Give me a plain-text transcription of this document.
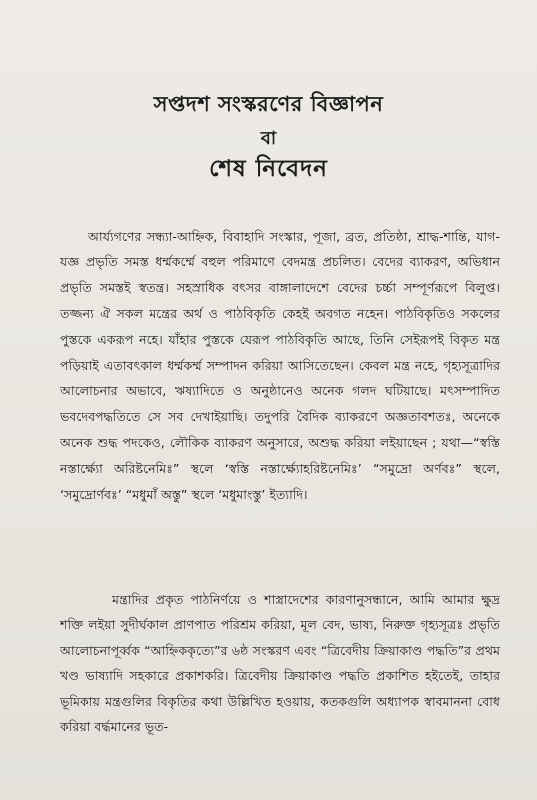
সপ্তদশ সংস্করণের বিজ্ঞাপন
বা
শেষ নিবেদন

আর্য্যগণের সন্ধ্যা-আহ্নিক, বিবাহাদি সংস্কার, পূজা, ব্রত, প্রতিষ্ঠা, শ্রাদ্ধ-শান্তি, যাগ-যজ্ঞ প্রভৃতি সমস্ত ধর্ম্মকর্ম্মে বহুল পরিমাণে বেদমন্ত্র প্রচলিত। বেদের ব্যাকরণ, অভিধান প্রভৃতি সমস্তই স্বতন্ত্র। সহস্রাধিক বৎসর বাঙ্গালাদেশে বেদের চর্চ্চা সম্পূর্ণরূপে বিলুপ্ত। তজ্জন্য ঐ সকল মন্ত্রের অর্থ ও পাঠবিকৃতি কেহই অবগত নহেন। পাঠবিকৃতিও সকলের পুস্তকে একরূপ নহে। যাঁহার পুস্তকে যেরূপ পাঠবিকৃতি আছে, তিনি সেইরূপই বিকৃত মন্ত্র পড়িয়াই এতাবৎকাল ধর্ম্মকর্ম্ম সম্পাদন করিয়া আসিতেছেন। কেবল মন্ত্র নহে, গৃহ্যসূত্রাদির আলোচনার অভাবে, ঋষ্যাদিতে ও অনুষ্ঠানেও অনেক গলদ ঘটিয়াছে। মৎসম্পাদিত ভবদেবপদ্ধতিতে সে সব দেখাইয়াছি। তদুপরি বৈদিক ব্যাকরণে অজ্ঞতাবশতঃ, অনেকে অনেক শুদ্ধ পদকেও, লৌকিক ব্যাকরণ অনুসারে, অশুদ্ধ করিয়া লইয়াছেন ; যথা—“স্বস্তি নস্তার্ক্ষ্যো অরিষ্টনেমিঃ” স্থলে ‘স্বস্তি নস্তার্ক্ষ্যোহরিষ্টনেমিঃ’ “সমুদ্রো অর্ণবঃ” স্থলে, ‘সমুদ্রোর্ণবঃ’ “মধুমাঁ অস্তু” স্থলে ‘মধুমাংস্তু’ ইত্যাদি।

মন্ত্রাদির প্রকৃত পাঠনির্ণয়ে ও শাস্ত্রাদেশের কারণানুসন্ধানে, আমি আমার ক্ষুদ্র শক্তি লইয়া সুদীর্ঘকাল প্রাণপাত পরিশ্রম করিয়া, মূল বেদ, ভাষ্য, নিরুক্ত গৃহ্যসূত্রঃ প্রভৃতি আলোচনাপূর্ব্বক “আহ্নিককৃত্যে”র ৬ষ্ঠ সংস্করণ এবং “ত্রিবেদীয় ক্রিয়াকাণ্ড পদ্ধতি”র প্রথম খণ্ড ভাষ্যাদি সহকারে প্রকাশকরি। ত্রিবেদীয় ক্রিয়াকাণ্ড পদ্ধতি প্রকাশিত হইতেই, তাহার ভূমিকায় মন্ত্রগুলির বিকৃতির কথা উল্লিখিত হওয়ায়, কতকগুলি অধ্যাপক স্বাবমাননা বোধ করিয়া বর্দ্ধমানের ভূত-
